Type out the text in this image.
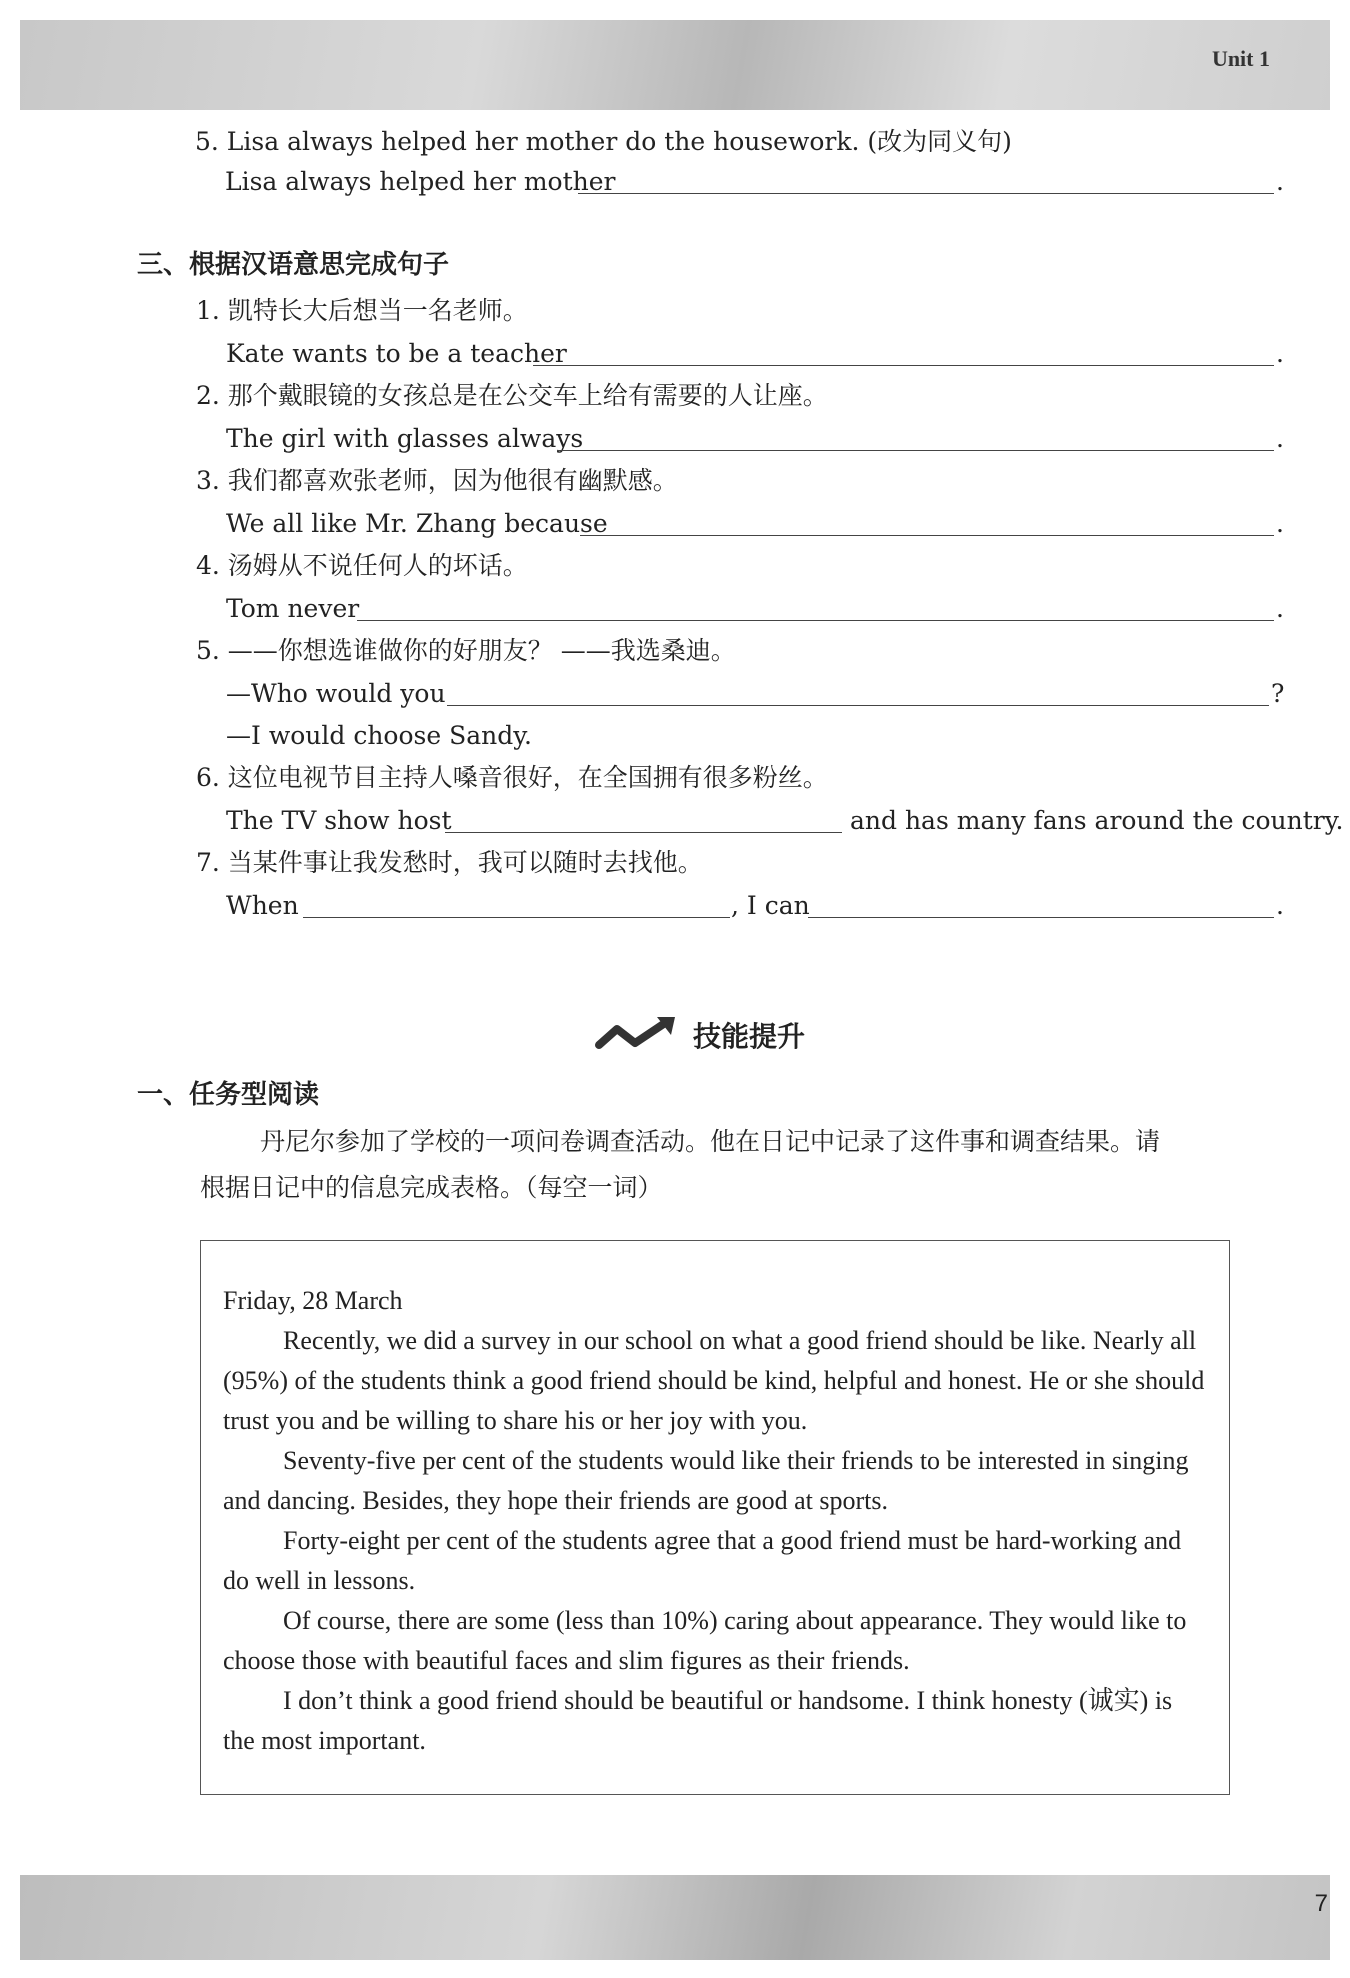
Unit 1
7
5. Lisa always helped her mother do the housework. (改为同义句)
Lisa always helped her mother	.
三、根据汉语意思完成句子
1. 凯特长大后想当一名老师。
Kate wants to be a teacher	.
2. 那个戴眼镜的女孩总是在公交车上给有需要的人让座。
The girl with glasses always	.
3. 我们都喜欢张老师，因为他很有幽默感。
We all like Mr. Zhang because	.
4. 汤姆从不说任何人的坏话。
Tom never	.
5. ——你想选谁做你的好朋友？ ——我选桑迪。
—Who would you	?
—I would choose Sandy.
6. 这位电视节目主持人嗓音很好，在全国拥有很多粉丝。
The TV show host	and has many fans around the country.
7. 当某件事让我发愁时，我可以随时去找他。
When	, I can	.
技能提升
一、任务型阅读
丹尼尔参加了学校的一项问卷调查活动。他在日记中记录了这件事和调查结果。请
根据日记中的信息完成表格。（每空一词）

Friday, 28 March

Recently, we did a survey in our school on what a good friend should be like. Nearly all (95%) of the students think a good friend should be kind, helpful and honest. He or she should trust you and be willing to share his or her joy with you.

Seventy-five per cent of the students would like their friends to be interested in singing and dancing. Besides, they hope their friends are good at sports.

Forty-eight per cent of the students agree that a good friend must be hard-working and do well in lessons.

Of course, there are some (less than 10%) caring about appearance. They would like to choose those with beautiful faces and slim figures as their friends.

I don’t think a good friend should be beautiful or handsome. I think honesty (诚实) is the most important.
